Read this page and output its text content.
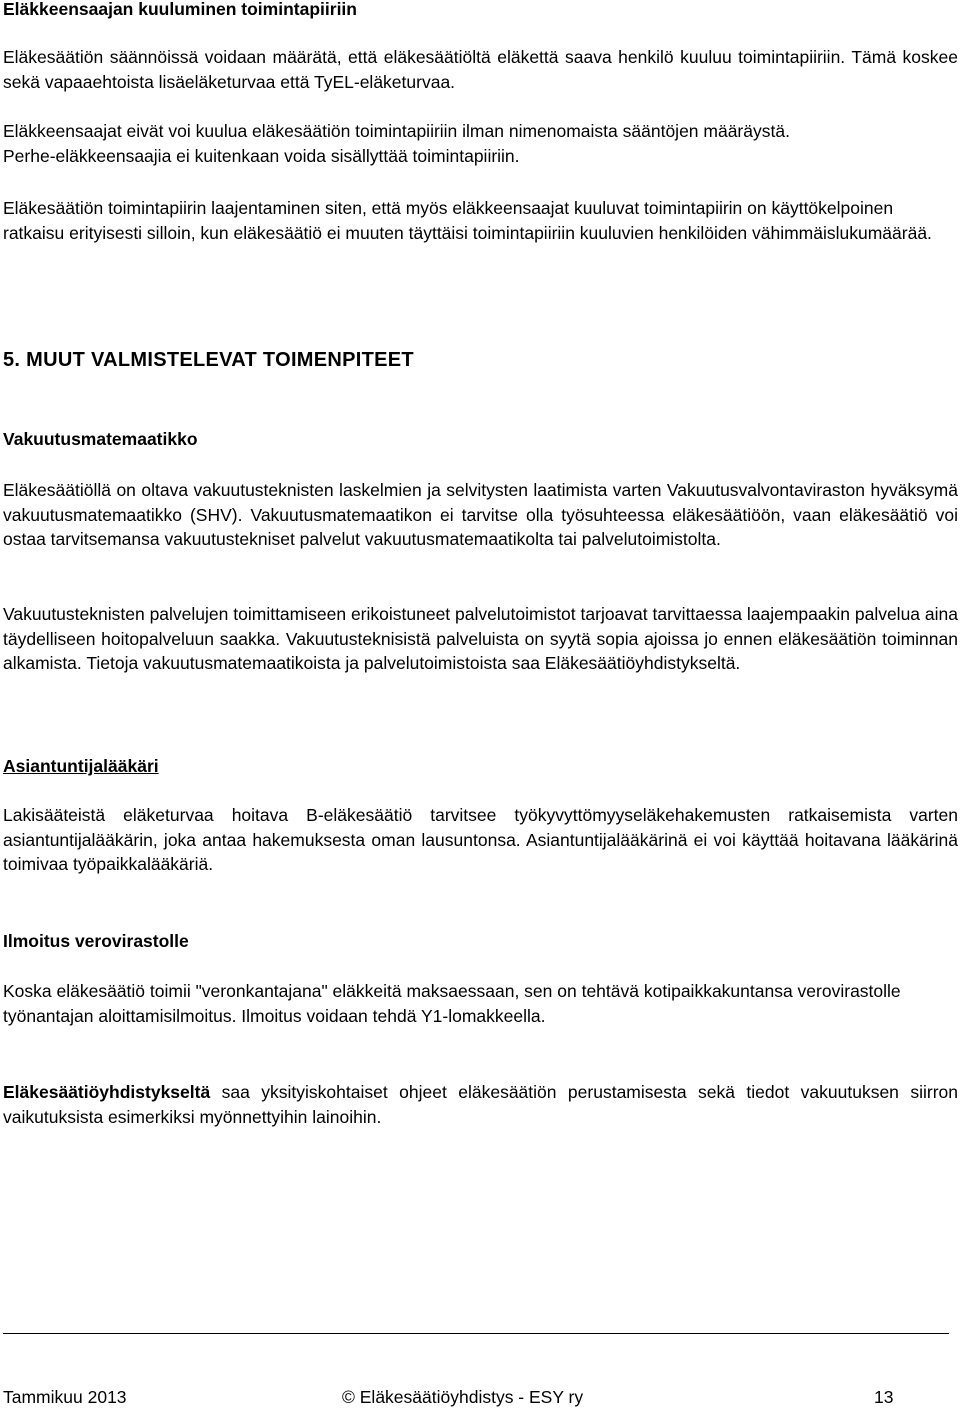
Eläkkeensaajan kuuluminen toimintapiiriin

Eläkesäätiön säännöissä voidaan määrätä, että eläkesäätiöltä eläkettä saava henkilö kuuluu toimintapiiriin. Tämä koskee sekä vapaaehtoista lisäeläketurvaa että TyEL-eläketurvaa.

Eläkkeensaajat eivät voi kuulua eläkesäätiön toimintapiiriin ilman nimenomaista sääntöjen määräystä.
Perhe-eläkkeensaajia ei kuitenkaan voida sisällyttää toimintapiiriin.

Eläkesäätiön toimintapiirin laajentaminen siten, että myös eläkkeensaajat kuuluvat toimintapiirin on käyttökelpoinen ratkaisu erityisesti silloin, kun eläkesäätiö ei muuten täyttäisi toimintapiiriin kuuluvien henkilöiden vähimmäislukumäärää.

5. MUUT VALMISTELEVAT TOIMENPITEET
Vakuutusmatemaatikko

Eläkesäätiöllä on oltava vakuutusteknisten laskelmien ja selvitysten laatimista varten Vakuutusvalvontaviraston hyväksymä vakuutusmatemaatikko (SHV). Vakuutusmatemaatikon ei tarvitse olla työsuhteessa eläkesäätiöön, vaan eläkesäätiö voi ostaa tarvitsemansa vakuutustekniset palvelut vakuutusmatemaatikolta tai palvelutoimistolta.

Vakuutusteknisten palvelujen toimittamiseen erikoistuneet palvelutoimistot tarjoavat tarvittaessa laajempaakin palvelua aina täydelliseen hoitopalveluun saakka. Vakuutusteknisistä palveluista on syytä sopia ajoissa jo ennen eläkesäätiön toiminnan alkamista. Tietoja vakuutusmatemaatikoista ja palvelutoimistoista saa Eläkesäätiöyhdistykseltä.

Asiantuntijalääkäri

Lakisääteistä eläketurvaa hoitava B-eläkesäätiö tarvitsee työkyvyttömyyseläkehakemusten ratkaisemista varten asiantuntijalääkärin, joka antaa hakemuksesta oman lausuntonsa. Asiantuntijalääkärinä ei voi käyttää hoitavana lääkärinä toimivaa työpaikkalääkäriä.

Ilmoitus verovirastolle

Koska eläkesäätiö toimii "veronkantajana" eläkkeitä maksaessaan, sen on tehtävä kotipaikkakuntansa verovirastolle työnantajan aloittamisilmoitus. Ilmoitus voidaan tehdä Y1-lomakkeella.

Eläkesäätiöyhdistykseltä saa yksityiskohtaiset ohjeet eläkesäätiön perustamisesta sekä tiedot vakuutuksen siirron vaikutuksista esimerkiksi myönnettyihin lainoihin.

Tammikuu 2013	© Eläkesäätiöyhdistys - ESY ry	13
